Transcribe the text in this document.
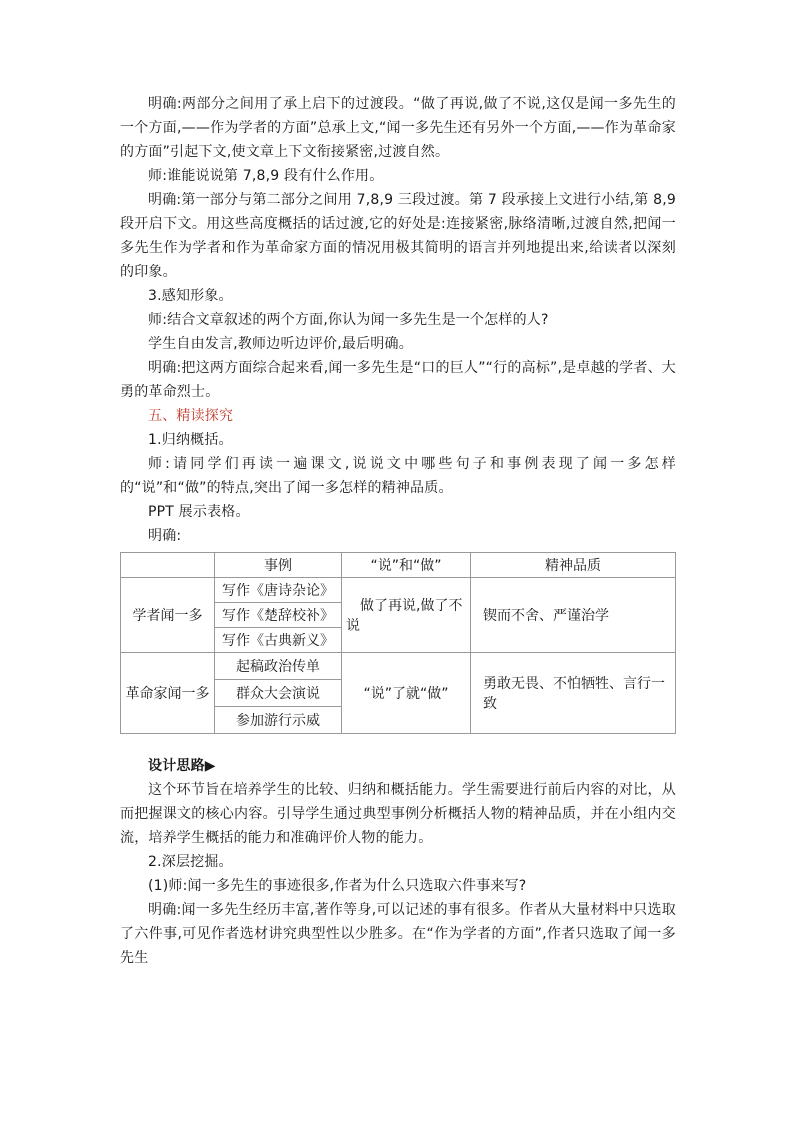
明确:两部分之间用了承上启下的过渡段。“做了再说,做了不说,这仅是闻一多先生的一个方面,——作为学者的方面”总承上文,“闻一多先生还有另外一个方面,——作为革命家的方面”引起下文,使文章上下文衔接紧密,过渡自然。

师:谁能说说第 7,8,9 段有什么作用。

明确:第一部分与第二部分之间用 7,8,9 三段过渡。第 7 段承接上文进行小结,第 8,9 段开启下文。用这些高度概括的话过渡,它的好处是:连接紧密,脉络清晰,过渡自然,把闻一多先生作为学者和作为革命家方面的情况用极其简明的语言并列地提出来,给读者以深刻的印象。

3.感知形象。

师:结合文章叙述的两个方面,你认为闻一多先生是一个怎样的人?

学生自由发言,教师边听边评价,最后明确。

明确:把这两方面综合起来看,闻一多先生是“口的巨人”“行的高标”,是卓越的学者、大勇的革命烈士。

五、精读探究

1.归纳概括。

师:请同学们再读一遍课文,说说文中哪些句子和事例表现了闻一多怎样的“说”和“做”的特点,突出了闻一多怎样的精神品质。

PPT 展示表格。

明确:

	事例	“说”和“做”	精神品质
学者闻一多	写作《唐诗杂论》	做了再说,做了不说	锲而不舍、严谨治学
	写作《楚辞校补》		
	写作《古典新义》		
革命家闻一多	起稿政治传单	“说”了就“做”	勇敢无畏、不怕牺牲、言行一致
	群众大会演说		
	参加游行示威		

设计思路▶

这个环节旨在培养学生的比较、归纳和概括能力。学生需要进行前后内容的对比，从而把握课文的核心内容。引导学生通过典型事例分析概括人物的精神品质，并在小组内交流，培养学生概括的能力和准确评价人物的能力。

2.深层挖掘。

(1)师:闻一多先生的事迹很多,作者为什么只选取六件事来写?

明确:闻一多先生经历丰富,著作等身,可以记述的事有很多。作者从大量材料中只选取了六件事,可见作者选材讲究典型性以少胜多。在“作为学者的方面”,作者只选取了闻一多先生
